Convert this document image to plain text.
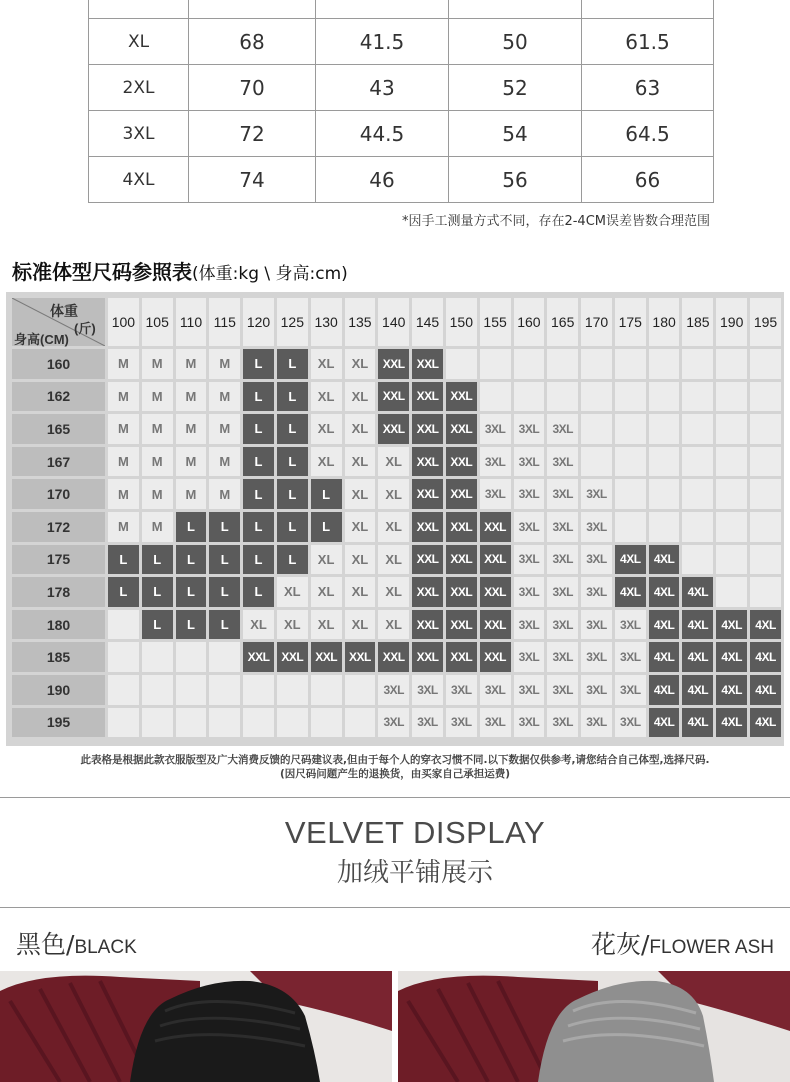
XL	68	41.5	50	61.5
2XL	70	43	52	63
3XL	72	44.5	54	64.5
4XL	74	46	56	66
*因手工测量方式不同，存在2-4CM误差皆数合理范围
标准体型尺码参照表(体重:kg \ 身高:cm)
体重
(斤)
身高(CM)	100	105	110	115	120	125	130	135	140	145	150	155	160	165	170	175	180	185	190	195
160	M	M	M	M	L	L	XL	XL	XXL	XXL										
162	M	M	M	M	L	L	XL	XL	XXL	XXL	XXL									
165	M	M	M	M	L	L	XL	XL	XXL	XXL	XXL	3XL	3XL	3XL						
167	M	M	M	M	L	L	XL	XL	XL	XXL	XXL	3XL	3XL	3XL						
170	M	M	M	M	L	L	L	XL	XL	XXL	XXL	3XL	3XL	3XL	3XL					
172	M	M	L	L	L	L	L	XL	XL	XXL	XXL	XXL	3XL	3XL	3XL					
175	L	L	L	L	L	L	XL	XL	XL	XXL	XXL	XXL	3XL	3XL	3XL	4XL	4XL			
178	L	L	L	L	L	XL	XL	XL	XL	XXL	XXL	XXL	3XL	3XL	3XL	4XL	4XL	4XL		
180		L	L	L	XL	XL	XL	XL	XL	XXL	XXL	XXL	3XL	3XL	3XL	3XL	4XL	4XL	4XL	4XL
185					XXL	XXL	XXL	XXL	XXL	XXL	XXL	XXL	3XL	3XL	3XL	3XL	4XL	4XL	4XL	4XL
190									3XL	3XL	3XL	3XL	3XL	3XL	3XL	3XL	4XL	4XL	4XL	4XL
195									3XL	3XL	3XL	3XL	3XL	3XL	3XL	3XL	4XL	4XL	4XL	4XL
此表格是根据此款衣服版型及广大消费反馈的尺码建议表,但由于每个人的穿衣习惯不同.以下数据仅供参考,请您结合自己体型,选择尺码.
(因尺码问题产生的退换货，由买家自己承担运费)
VELVET DISPLAY
加绒平铺展示
黑色/BLACK	花灰/FLOWER ASH
